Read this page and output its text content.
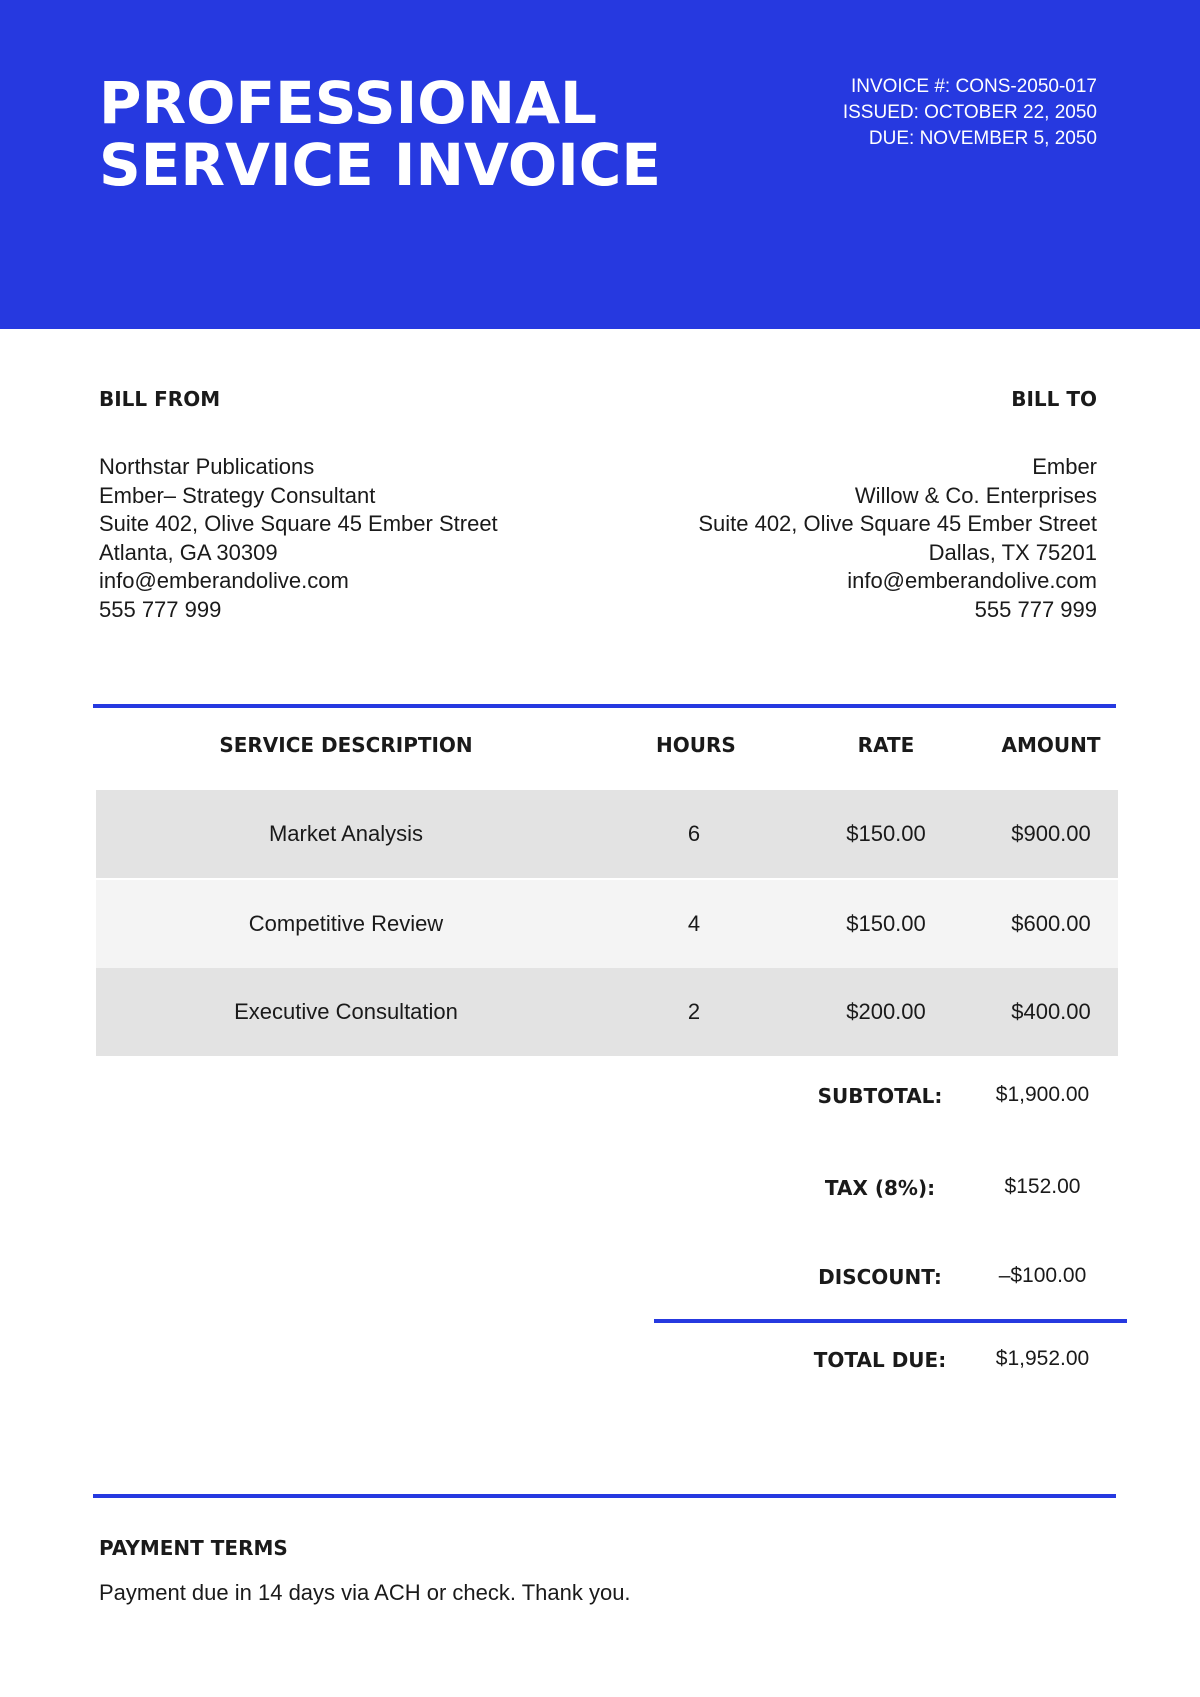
PROFESSIONAL
SERVICE INVOICE
INVOICE #: CONS-2050-017
ISSUED: OCTOBER 22, 2050
DUE: NOVEMBER 5, 2050
BILL FROM	BILL TO
Northstar Publications
Ember– Strategy Consultant
Suite 402, Olive Square 45 Ember Street
Atlanta, GA 30309
info@emberandolive.com
555 777 999
Ember
Willow & Co. Enterprises
Suite 402, Olive Square 45 Ember Street
Dallas, TX 75201
info@emberandolive.com
555 777 999
SERVICE DESCRIPTION	HOURS	RATE	AMOUNT
Market Analysis	6	$150.00	$900.00
Competitive Review	4	$150.00	$600.00
Executive Consultation	2	$200.00	$400.00
SUBTOTAL:	$1,900.00
TAX (8%):	$152.00
DISCOUNT:	–$100.00
TOTAL DUE:	$1,952.00
PAYMENT TERMS
Payment due in 14 days via ACH or check. Thank you.
